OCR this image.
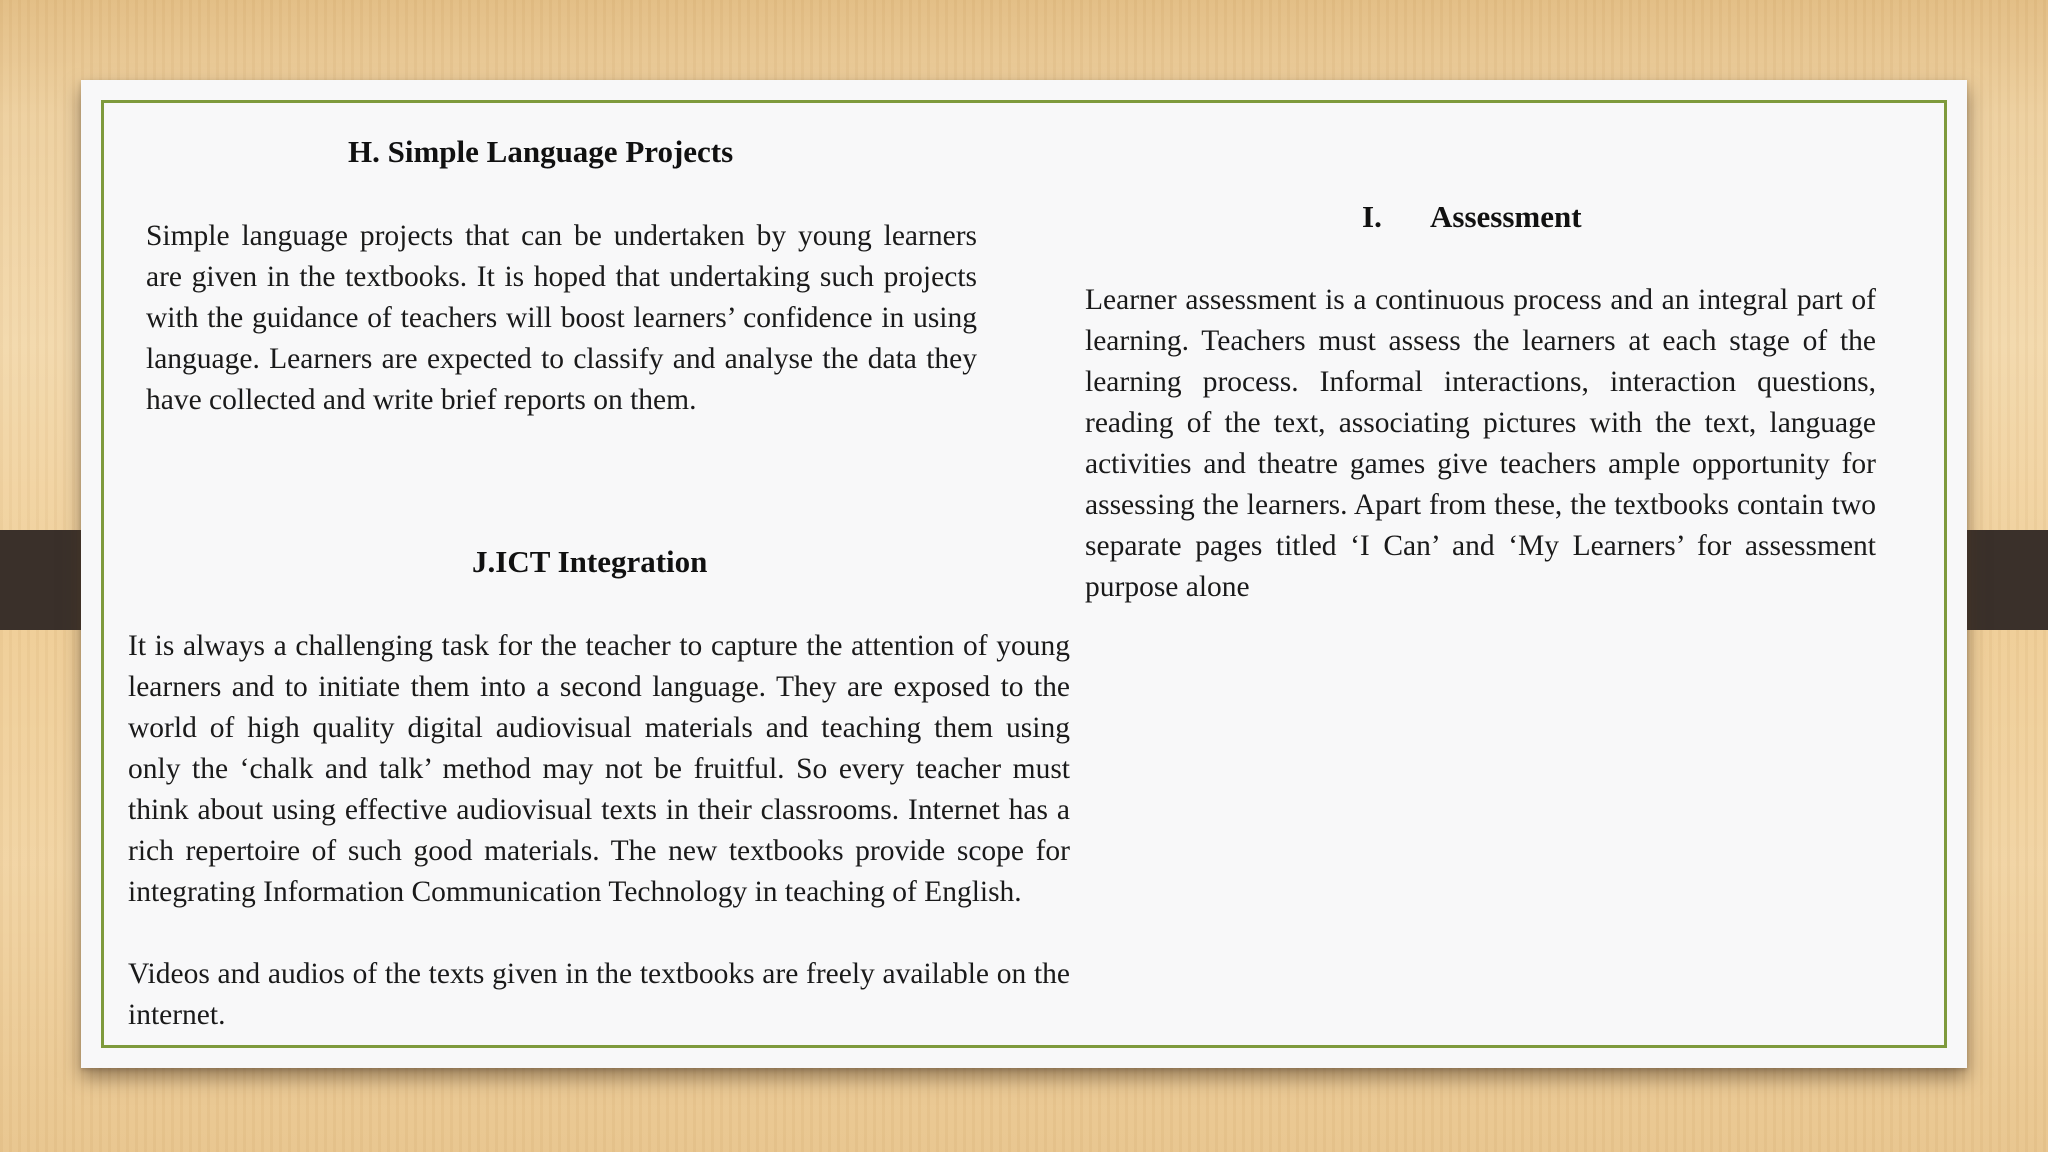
H. Simple Language Projects

Simple language projects that can be undertaken by young learners are given in the textbooks. It is hoped that undertaking such projects with the guidance of teachers will boost learners’ confidence in using language. Learners are expected to classify and analyse the data they have collected and write brief reports on them.

I. Assessment

Learner assessment is a continuous process and an integral part of learning. Teachers must assess the learners at each stage of the learning process. Informal interactions, interaction questions, reading of the text, associating pictures with the text, language activities and theatre games give teachers ample opportunity for assessing the learners. Apart from these, the textbooks contain two separate pages titled ‘I Can’ and ‘My Learners’ for assessment purpose alone

J.ICT Integration

It is always a challenging task for the teacher to capture the attention of young learners and to initiate them into a second language. They are exposed to the world of high quality digital audiovisual materials and teaching them using only the ‘chalk and talk’ method may not be fruitful. So every teacher must think about using effective audiovisual texts in their classrooms. Internet has a rich repertoire of such good materials. The new textbooks provide scope for integrating Information Communication Technology in teaching of English.

Videos and audios of the texts given in the textbooks are freely available on the internet.
